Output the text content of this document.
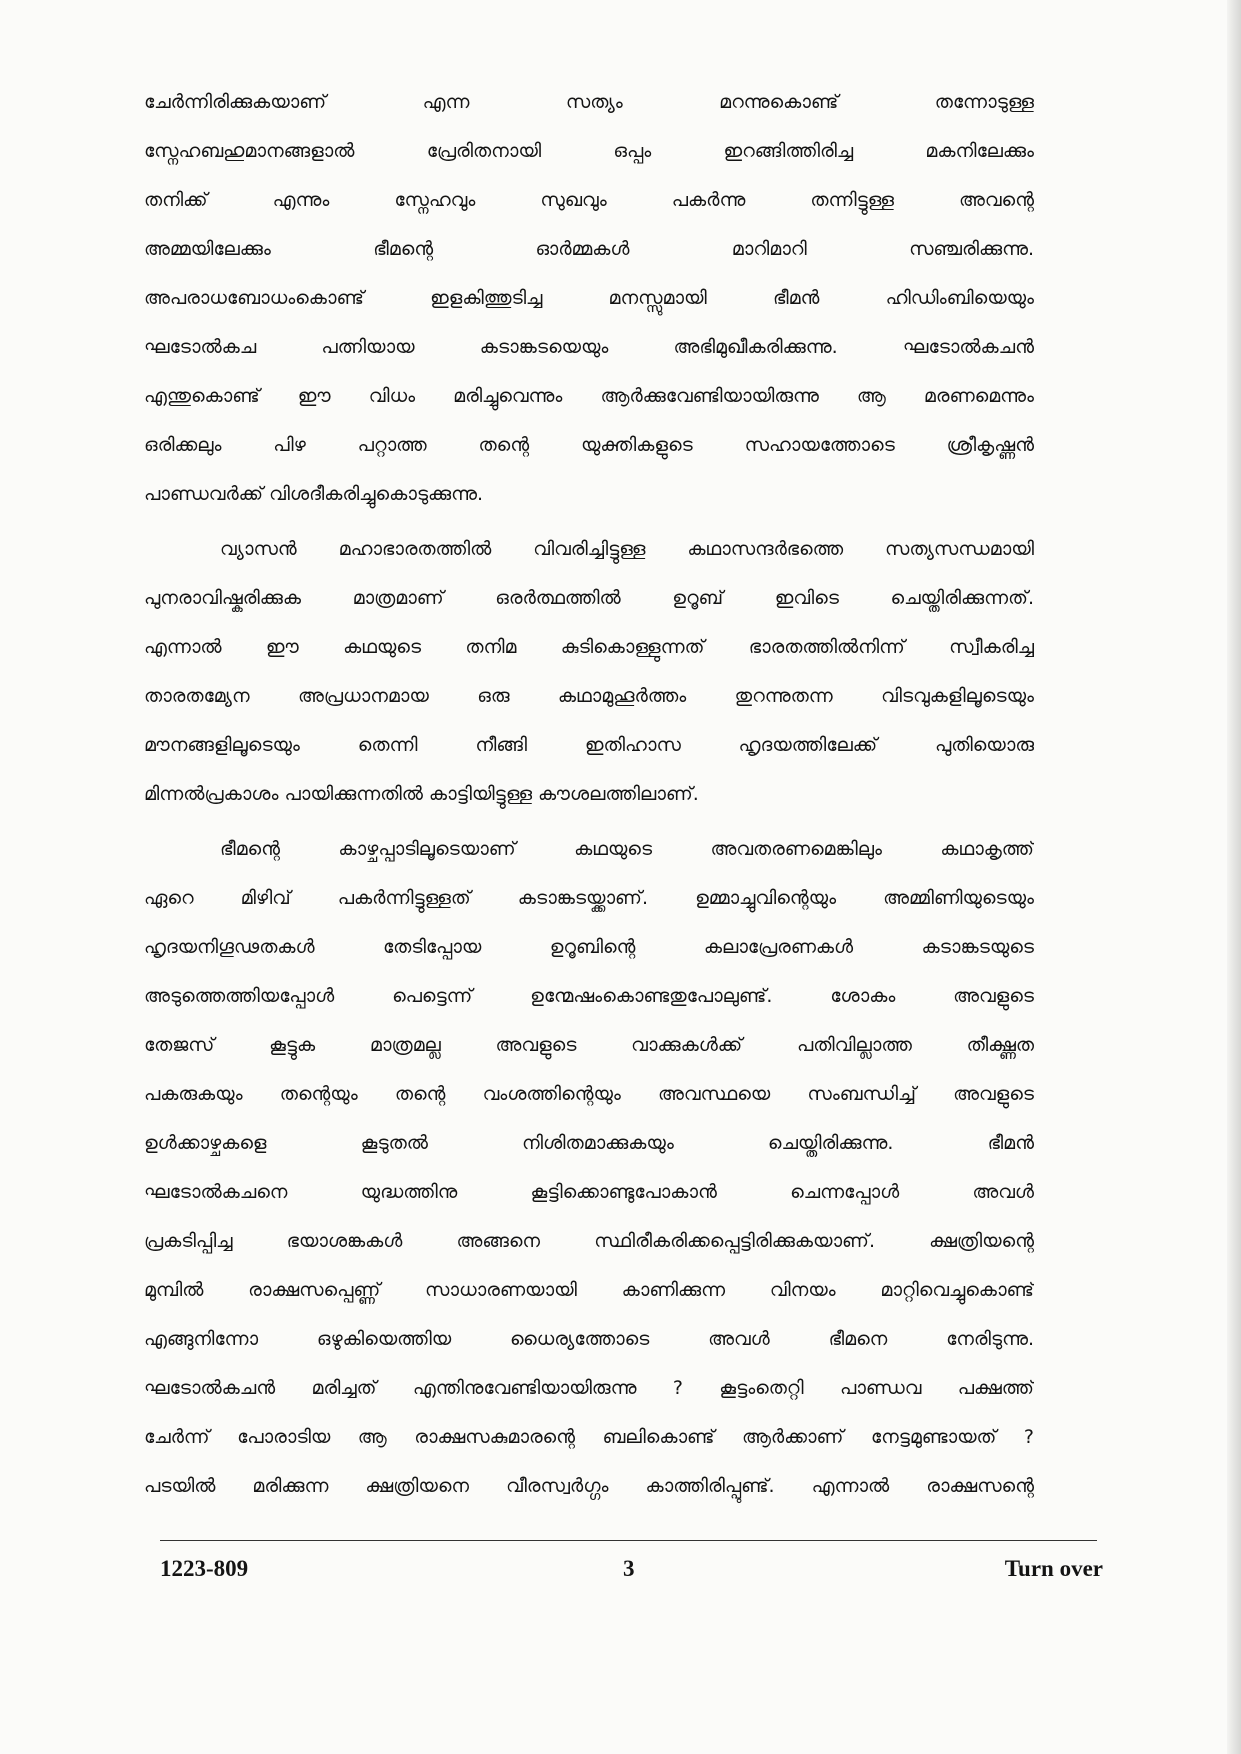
ചേർന്നിരിക്കുകയാണ് എന്ന സത്യം മറന്നുകൊണ്ട് തന്നോടുള്ള
സ്നേഹബഹുമാനങ്ങളാൽ പ്രേരിതനായി ഒപ്പം ഇറങ്ങിത്തിരിച്ച മകനിലേക്കും
തനിക്ക് എന്നും സ്നേഹവും സുഖവും പകർന്നു തന്നിട്ടുള്ള അവന്റെ
അമ്മയിലേക്കും ഭീമന്റെ ഓർമ്മകൾ മാറിമാറി സഞ്ചരിക്കുന്നു.
അപരാധബോധംകൊണ്ട് ഇളകിത്തുടിച്ച മനസ്സുമായി ഭീമൻ ഹിഡിംബിയെയും
ഘടോൽകച പത്നിയായ കടാങ്കടയെയും അഭിമുഖീകരിക്കുന്നു. ഘടോൽകചൻ
എന്തുകൊണ്ട് ഈ വിധം മരിച്ചുവെന്നും ആർക്കുവേണ്ടിയായിരുന്നു ആ മരണമെന്നും
ഒരിക്കലും പിഴ പറ്റാത്ത തന്റെ യുക്തികളുടെ സഹായത്തോടെ ശ്രീകൃഷ്ണൻ
പാണ്ഡവർക്ക് വിശദീകരിച്ചുകൊടുക്കുന്നു.
വ്യാസൻ മഹാഭാരതത്തിൽ വിവരിച്ചിട്ടുള്ള കഥാസന്ദർഭത്തെ സത്യസന്ധമായി
പുനരാവിഷ്കരിക്കുക മാത്രമാണ് ഒരർത്ഥത്തിൽ ഉറൂബ് ഇവിടെ ചെയ്തിരിക്കുന്നത്.
എന്നാൽ ഈ കഥയുടെ തനിമ കുടികൊള്ളുന്നത് ഭാരതത്തിൽനിന്ന് സ്വീകരിച്ച
താരതമ്യേന അപ്രധാനമായ ഒരു കഥാമുഹൂർത്തം തുറന്നുതന്ന വിടവുകളിലൂടെയും
മൗനങ്ങളിലൂടെയും തെന്നി നീങ്ങി ഇതിഹാസ ഹൃദയത്തിലേക്ക് പുതിയൊരു
മിന്നൽപ്രകാശം പായിക്കുന്നതിൽ കാട്ടിയിട്ടുള്ള കൗശലത്തിലാണ്.
ഭീമന്റെ കാഴ്ചപ്പാടിലൂടെയാണ് കഥയുടെ അവതരണമെങ്കിലും കഥാകൃത്ത്
ഏറെ മിഴിവ് പകർന്നിട്ടുള്ളത് കടാങ്കടയ്ക്കാണ്. ഉമ്മാച്ചുവിന്റെയും അമ്മിണിയുടെയും
ഹൃദയനിഗൂഢതകൾ തേടിപ്പോയ ഉറൂബിന്റെ കലാപ്രേരണകൾ കടാങ്കടയുടെ
അടുത്തെത്തിയപ്പോൾ പെട്ടെന്ന് ഉന്മേഷംകൊണ്ടതുപോലുണ്ട്. ശോകം അവളുടെ
തേജസ് കൂട്ടുക മാത്രമല്ല അവളുടെ വാക്കുകൾക്ക് പതിവില്ലാത്ത തീക്ഷ്ണത
പകരുകയും തന്റെയും തന്റെ വംശത്തിന്റെയും അവസ്ഥയെ സംബന്ധിച്ച് അവളുടെ
ഉൾക്കാഴ്ചകളെ കൂടുതൽ നിശിതമാക്കുകയും ചെയ്തിരിക്കുന്നു. ഭീമൻ
ഘടോൽകചനെ യുദ്ധത്തിനു കൂട്ടിക്കൊണ്ടുപോകാൻ ചെന്നപ്പോൾ അവൾ
പ്രകടിപ്പിച്ച ഭയാശങ്കകൾ അങ്ങനെ സ്ഥിരീകരിക്കപ്പെട്ടിരിക്കുകയാണ്. ക്ഷത്രിയന്റെ
മുമ്പിൽ രാക്ഷസപ്പെണ്ണ് സാധാരണയായി കാണിക്കുന്ന വിനയം മാറ്റിവെച്ചുകൊണ്ട്
എങ്ങുനിന്നോ ഒഴുകിയെത്തിയ ധൈര്യത്തോടെ അവൾ ഭീമനെ നേരിടുന്നു.
ഘടോൽകചൻ മരിച്ചത് എന്തിനുവേണ്ടിയായിരുന്നു ? കൂട്ടംതെറ്റി പാണ്ഡവ പക്ഷത്ത്
ചേർന്ന് പോരാടിയ ആ രാക്ഷസകുമാരന്റെ ബലികൊണ്ട് ആർക്കാണ് നേട്ടമുണ്ടായത് ?
പടയിൽ മരിക്കുന്ന ക്ഷത്രിയനെ വീരസ്വർഗ്ഗം കാത്തിരിപ്പുണ്ട്. എന്നാൽ രാക്ഷസന്റെ
1223-809	3	Turn over
